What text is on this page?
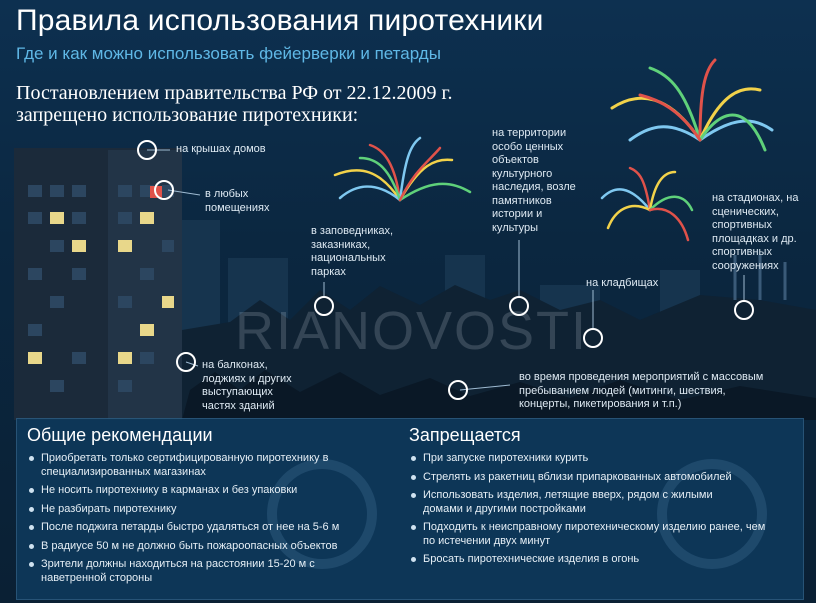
RIANOVOSTI
Правила использования пиротехники
Где и как можно использовать фейерверки и петарды
Постановлением правительства РФ от 22.12.2009 г.
запрещено использование пиротехники:
на крышах домов
в любых
помещениях
в заповедниках,
заказниках,
национальных
парках
на территории
особо ценных
объектов
культурного
наследия, возле
памятников
истории и
культуры
на стадионах, на
сценических,
спортивных
площадках и др.
спортивных
сооружениях
на кладбищах
на балконах,
лоджиях и других
выступающих
частях зданий
во время проведения мероприятий с массовым
пребыванием людей (митинги, шествия,
концерты, пикетирования и т.п.)
Общие рекомендации
Приобретать только сертифицированную пиротехнику в специализированных магазинах
Не носить пиротехнику в карманах и без упаковки
Не разбирать пиротехнику
После поджига петарды быстро удаляться от нее на 5-6 м
В радиусе 50 м не должно быть пожароопасных объектов
Зрители должны находиться на расстоянии 15-20 м с наветренной стороны
Запрещается
При запуске пиротехники курить
Стрелять из ракетниц вблизи припаркованных автомобилей
Использовать изделия, летящие вверх, рядом с жилыми домами и другими постройками
Подходить к неисправному пиротехническому изделию ранее, чем по истечении двух минут
Бросать пиротехнические изделия в огонь
